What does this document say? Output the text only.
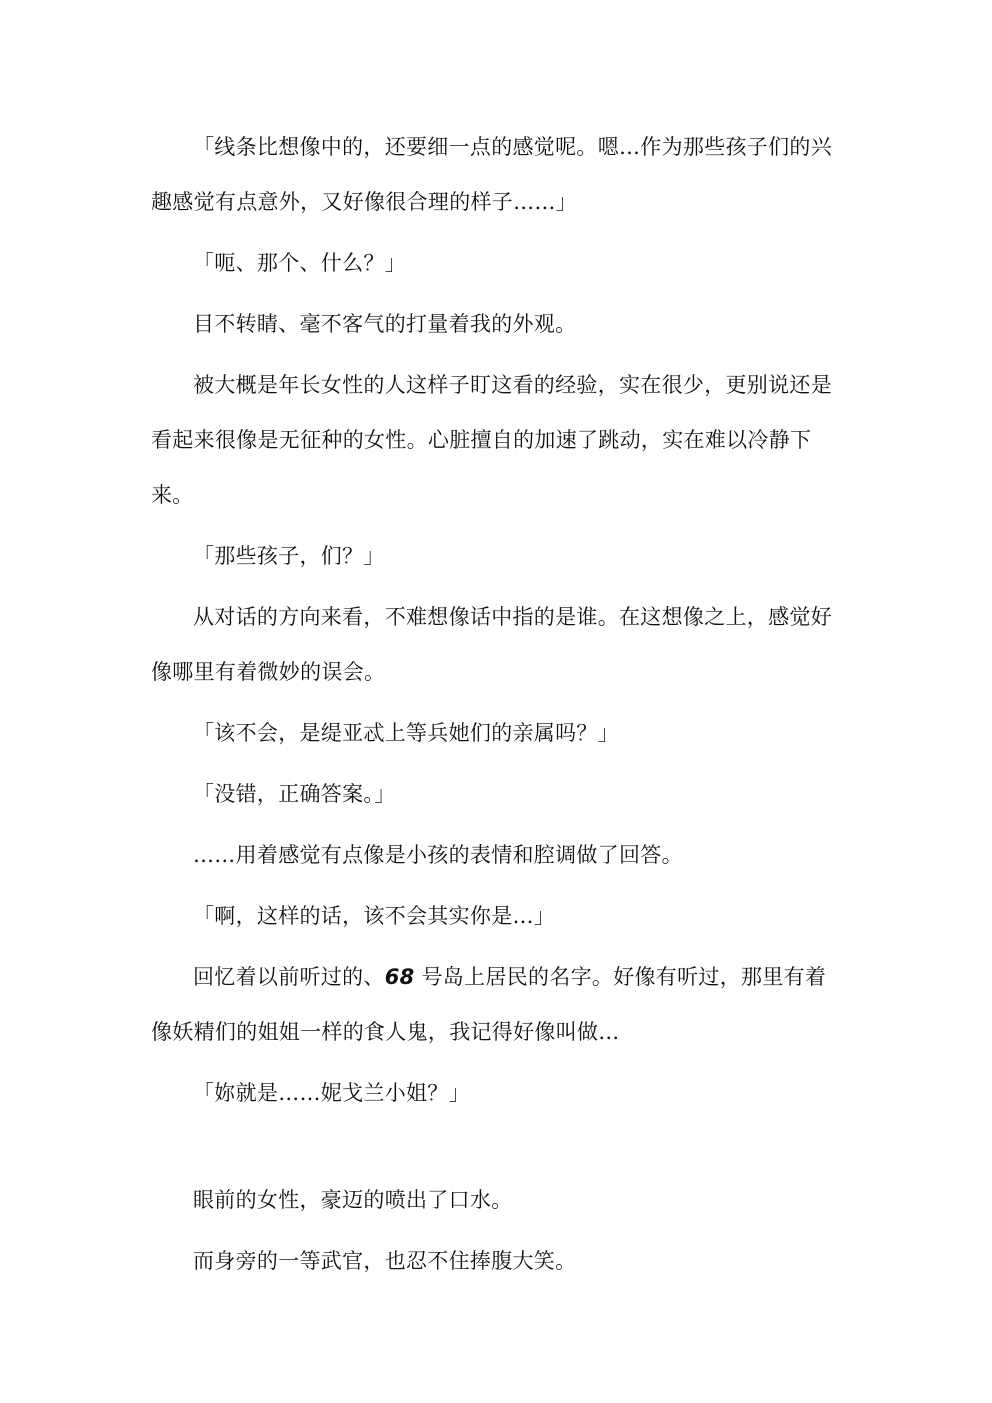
「线条比想像中的，还要细一点的感觉呢。嗯…作为那些孩子们的兴趣感觉有点意外，又好像很合理的样子……」

「呃、那个、什么？」

目不转睛、毫不客气的打量着我的外观。

被大概是年长女性的人这样子盯这看的经验，实在很少，更别说还是看起来很像是无征种的女性。心脏擅自的加速了跳动，实在难以冷静下来。

「那些孩子，们？」

从对话的方向来看，不难想像话中指的是谁。在这想像之上，感觉好像哪里有着微妙的误会。

「该不会，是缇亚忒上等兵她们的亲属吗？」

「没错，正确答案。」

……用着感觉有点像是小孩的表情和腔调做了回答。

「啊，这样的话，该不会其实你是…」

回忆着以前听过的、68 号岛上居民的名字。好像有听过，那里有着像妖精们的姐姐一样的食人鬼，我记得好像叫做…

「妳就是……妮戈兰小姐？」

眼前的女性，豪迈的喷出了口水。

而身旁的一等武官，也忍不住捧腹大笑。
